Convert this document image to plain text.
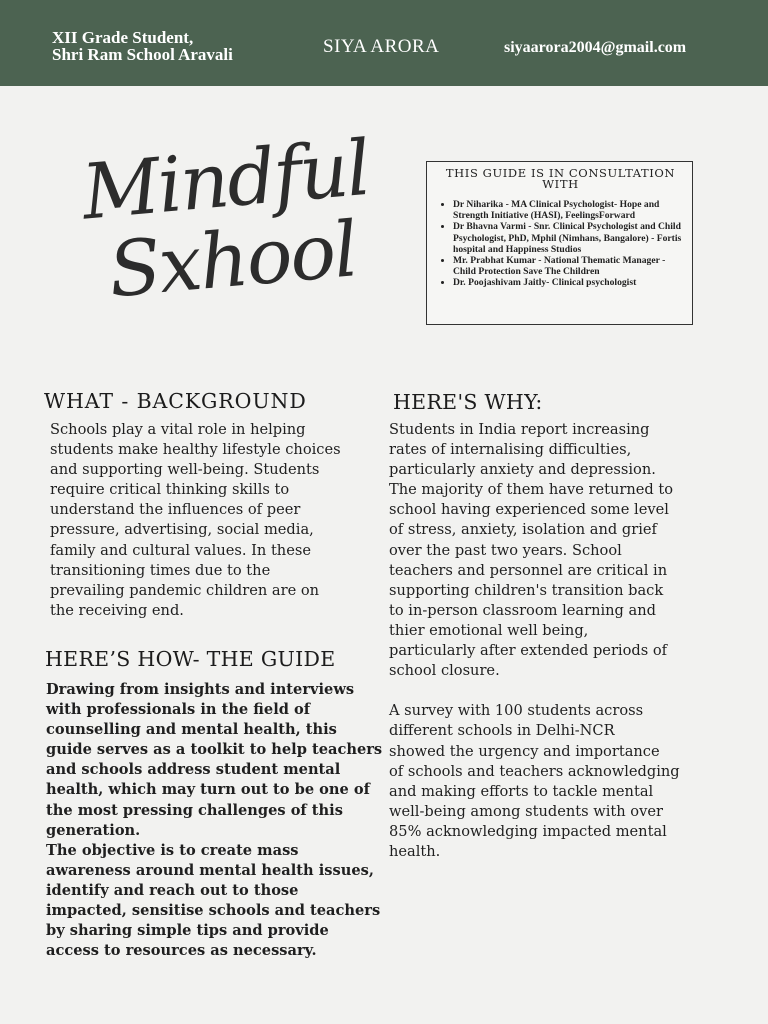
XII Grade Student,
Shri Ram School Aravali	SIYA ARORA	siyaarora2004@gmail.com
Mindful
Sxhool
THIS GUIDE IS IN CONSULTATION WITH
• Dr Niharika - MA Clinical Psychologist- Hope and Strength Initiative (HASI), FeelingsForward
• Dr Bhavna Varmi - Snr. Clinical Psychologist and Child Psychologist, PhD, Mphil (Nimhans, Bangalore) - Fortis hospital and Happiness Studios
• Mr. Prabhat Kumar - National Thematic Manager - Child Protection Save The Children
• Dr. Poojashivam Jaitly- Clinical psychologist
WHAT - BACKGROUND

Schools play a vital role in helping
students make healthy lifestyle choices
and supporting well-being. Students
require critical thinking skills to
understand the influences of peer
pressure, advertising, social media,
family and cultural values. In these
transitioning times due to the
prevailing pandemic children are on
the receiving end.

HERE’S HOW- THE GUIDE

Drawing from insights and interviews
with professionals in the field of
counselling and mental health, this
guide serves as a toolkit to help teachers
and schools address student mental
health, which may turn out to be one of
the most pressing challenges of this
generation.
The objective is to create mass
awareness around mental health issues,
identify and reach out to those
impacted, sensitise schools and teachers
by sharing simple tips and provide
access to resources as necessary.

HERE'S WHY:

Students in India report increasing
rates of internalising difficulties,
particularly anxiety and depression.
The majority of them have returned to
school having experienced some level
of stress, anxiety, isolation and grief
over the past two years. School
teachers and personnel are critical in
supporting children's transition back
to in-person classroom learning and
thier emotional well being,
particularly after extended periods of
school closure.

A survey with 100 students across
different schools in Delhi-NCR
showed the urgency and importance
of schools and teachers acknowledging
and making efforts to tackle mental
well-being among students with over
85% acknowledging impacted mental
health.
